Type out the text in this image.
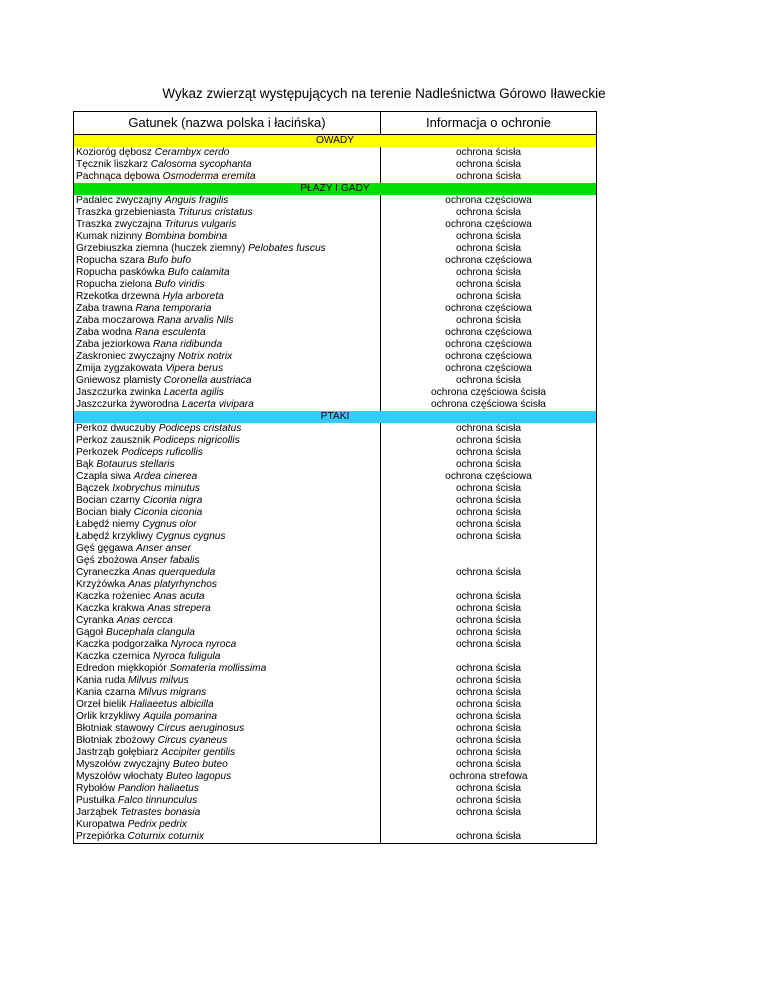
Wykaz zwierząt występujących na terenie Nadleśnictwa Górowo Iławeckie
Gatunek (nazwa polska i łacińska)	Informacja o ochronie
OWADY	
Kozioróg dębosz Cerambyx cerdo	ochrona ścisła
Tęcznik liszkarz Calosoma sycophanta	ochrona ścisła
Pachnąca dębowa Osmoderma eremita	ochrona ścisła
PŁAZY I GADY	
Padalec zwyczajny Anguis fragilis	ochrona częściowa
Traszka grzebieniasta Triturus cristatus	ochrona ścisła
Traszka zwyczajna Triturus vulgaris	ochrona częściowa
Kumak nizinny Bombina bombina	ochrona ścisła
Grzebiuszka ziemna (huczek ziemny) Pelobates fuscus	ochrona ścisła
Ropucha szara Bufo bufo	ochrona częściowa
Ropucha paskówka Bufo calamita	ochrona ścisła
Ropucha zielona Bufo viridis	ochrona ścisła
Rzekotka drzewna Hyla arboreta	ochrona ścisła
Żaba trawna Rana temporaria	ochrona częściowa
Żaba moczarowa Rana arvalis Nils	ochrona ścisła
Żaba wodna Rana esculenta	ochrona częściowa
Żaba jeziorkowa Rana ridibunda	ochrona częściowa
Zaskroniec zwyczajny Notrix notrix	ochrona częściowa
Żmija zygzakowata Vipera berus	ochrona częściowa
Gniewosz plamisty Coronella austriaca	ochrona ścisła
Jaszczurka zwinka Lacerta agilis	ochrona częściowa ścisła
Jaszczurka żyworodna Lacerta vivipara	ochrona częściowa ścisła
PTAKI	
Perkoz dwuczuby Podiceps cristatus	ochrona ścisła
Perkoz zausznik Podiceps nigricollis	ochrona ścisła
Perkozek Podiceps ruficollis	ochrona ścisła
Bąk Botaurus stellaris	ochrona ścisła
Czapla siwa Ardea cinerea	ochrona częściowa
Bączek Ixobrychus minutus	ochrona ścisła
Bocian czarny Ciconia nigra	ochrona ścisła
Bocian biały Ciconia ciconia	ochrona ścisła
Łabędź niemy Cygnus olor	ochrona ścisła
Łabędź krzykliwy Cygnus cygnus	ochrona ścisła
Gęś gęgawa Anser anser	
Gęś zbożowa Anser fabalis	
Cyraneczka Anas querquedula	ochrona ścisła
Krzyżówka Anas platyrhynchos	
Kaczka rożeniec Anas acuta	ochrona ścisła
Kaczka krakwa Anas strepera	ochrona ścisła
Cyranka Anas cercca	ochrona ścisła
Gągoł Bucephala clangula	ochrona ścisła
Kaczka podgorzałka Nyroca nyroca	ochrona ścisła
Kaczka czernica Nyroca fuligula	
Edredon miękkopiór Somateria mollissima	ochrona ścisła
Kania ruda Milvus milvus	ochrona ścisła
Kania czarna Milvus migrans	ochrona ścisła
Orzeł bielik Haliaeetus albicilla	ochrona ścisła
Orlik krzykliwy Aquila pomarina	ochrona ścisła
Błotniak stawowy Circus aeruginosus	ochrona ścisła
Błotniak zbożowy Circus cyaneus	ochrona ścisła
Jastrząb gołębiarz Accipiter gentilis	ochrona ścisła
Myszołów zwyczajny Buteo buteo	ochrona ścisła
Myszołów włochaty Buteo lagopus	ochrona strefowa
Rybołów Pandion haliaetus	ochrona ścisła
Pustułka Falco tinnunculus	ochrona ścisła
Jarząbek Tetrastes bonasia	ochrona ścisła
Kuropatwa Pedrix pedrix	
Przepiórka Coturnix coturnix	ochrona ścisła
